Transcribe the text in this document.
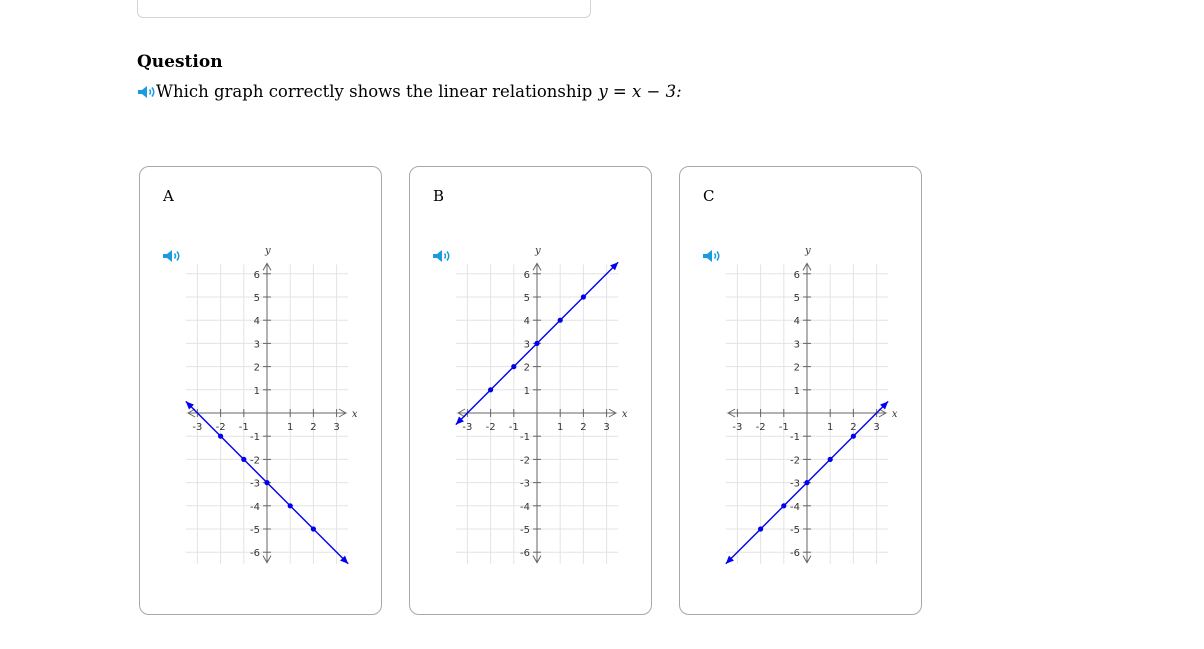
Question
Which graph correctly shows the linear relationship y = x − 3:
A
x
y
-3 -2 -1	1 2 3
-6
-5
-4
-3
-2
-1
1
2
3
4
5
6
B
x
y
-3 -2 -1	1 2 3
-6
-5
-4
-3
-2
-1
1
2
3
4
5
6
C
x
y
-3 -2 -1	1 2 3
-6
-5
-4
-3
-2
-1
1
2
3
4
5
6
